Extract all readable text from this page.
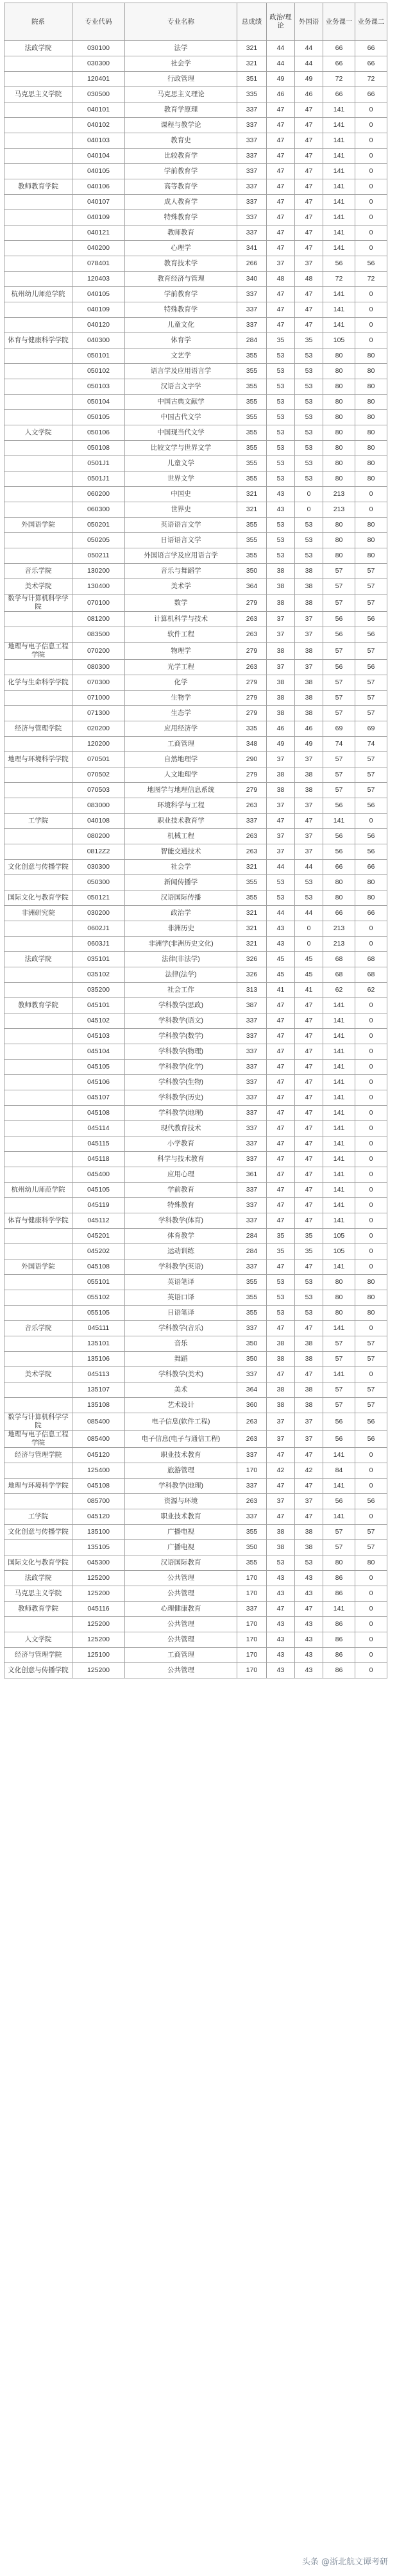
院系	专业代码	专业名称	总成绩	政治/理论	外国语	业务课一	业务课二
法政学院	030100	法学	321	44	44	66	66
	030300	社会学	321	44	44	66	66
	120401	行政管理	351	49	49	72	72
马克思主义学院	030500	马克思主义理论	335	46	46	66	66
	040101	教育学原理	337	47	47	141	0
	040102	课程与教学论	337	47	47	141	0
	040103	教育史	337	47	47	141	0
	040104	比较教育学	337	47	47	141	0
	040105	学前教育学	337	47	47	141	0
教师教育学院	040106	高等教育学	337	47	47	141	0
	040107	成人教育学	337	47	47	141	0
	040109	特殊教育学	337	47	47	141	0
	040121	教师教育	337	47	47	141	0
	040200	心理学	341	47	47	141	0
	078401	教育技术学	266	37	37	56	56
	120403	教育经济与管理	340	48	48	72	72
杭州幼儿师范学院	040105	学前教育学	337	47	47	141	0
	040109	特殊教育学	337	47	47	141	0
	040120	儿童文化	337	47	47	141	0
体育与健康科学学院	040300	体育学	284	35	35	105	0
	050101	文艺学	355	53	53	80	80
	050102	语言学及应用语言学	355	53	53	80	80
	050103	汉语言文字学	355	53	53	80	80
	050104	中国古典文献学	355	53	53	80	80
	050105	中国古代文学	355	53	53	80	80
人文学院	050106	中国现当代文学	355	53	53	80	80
	050108	比较文学与世界文学	355	53	53	80	80
	0501J1	儿童文学	355	53	53	80	80
	0501J1	世界文学	355	53	53	80	80
	060200	中国史	321	43	0	213	0
	060300	世界史	321	43	0	213	0
外国语学院	050201	英语语言文学	355	53	53	80	80
	050205	日语语言文学	355	53	53	80	80
	050211	外国语言学及应用语言学	355	53	53	80	80
音乐学院	130200	音乐与舞蹈学	350	38	38	57	57
美术学院	130400	美术学	364	38	38	57	57
数学与计算机科学学院	070100	数学	279	38	38	57	57
	081200	计算机科学与技术	263	37	37	56	56
	083500	软件工程	263	37	37	56	56
地理与电子信息工程学院	070200	物理学	279	38	38	57	57
	080300	光学工程	263	37	37	56	56
化学与生命科学学院	070300	化学	279	38	38	57	57
	071000	生物学	279	38	38	57	57
	071300	生态学	279	38	38	57	57
经济与管理学院	020200	应用经济学	335	46	46	69	69
	120200	工商管理	348	49	49	74	74
地理与环境科学学院	070501	自然地理学	290	37	37	57	57
	070502	人文地理学	279	38	38	57	57
	070503	地图学与地理信息系统	279	38	38	57	57
	083000	环境科学与工程	263	37	37	56	56
工学院	040108	职业技术教育学	337	47	47	141	0
	080200	机械工程	263	37	37	56	56
	0812Z2	智能交通技术	263	37	37	56	56
文化创意与传播学院	030300	社会学	321	44	44	66	66
	050300	新闻传播学	355	53	53	80	80
国际文化与教育学院	050121	汉语国际传播	355	53	53	80	80
非洲研究院	030200	政治学	321	44	44	66	66
	0602J1	非洲历史	321	43	0	213	0
	0603J1	非洲学(非洲历史文化)	321	43	0	213	0
法政学院	035101	法律(非法学)	326	45	45	68	68
	035102	法律(法学)	326	45	45	68	68
	035200	社会工作	313	41	41	62	62
教师教育学院	045101	学科教学(思政)	387	47	47	141	0
	045102	学科教学(语文)	337	47	47	141	0
	045103	学科教学(数学)	337	47	47	141	0
	045104	学科教学(物理)	337	47	47	141	0
	045105	学科教学(化学)	337	47	47	141	0
	045106	学科教学(生物)	337	47	47	141	0
	045107	学科教学(历史)	337	47	47	141	0
	045108	学科教学(地理)	337	47	47	141	0
	045114	现代教育技术	337	47	47	141	0
	045115	小学教育	337	47	47	141	0
	045118	科学与技术教育	337	47	47	141	0
	045400	应用心理	361	47	47	141	0
杭州幼儿师范学院	045105	学前教育	337	47	47	141	0
	045119	特殊教育	337	47	47	141	0
体育与健康科学学院	045112	学科教学(体育)	337	47	47	141	0
	045201	体育教学	284	35	35	105	0
	045202	运动训练	284	35	35	105	0
外国语学院	045108	学科教学(英语)	337	47	47	141	0
	055101	英语笔译	355	53	53	80	80
	055102	英语口译	355	53	53	80	80
	055105	日语笔译	355	53	53	80	80
音乐学院	045111	学科教学(音乐)	337	47	47	141	0
	135101	音乐	350	38	38	57	57
	135106	舞蹈	350	38	38	57	57
美术学院	045113	学科教学(美术)	337	47	47	141	0
	135107	美术	364	38	38	57	57
	135108	艺术设计	360	38	38	57	57
数学与计算机科学学院	085400	电子信息(软件工程)	263	37	37	56	56
地理与电子信息工程学院	085400	电子信息(电子与通信工程)	263	37	37	56	56
经济与管理学院	045120	职业技术教育	337	47	47	141	0
	125400	旅游管理	170	42	42	84	0
地理与环境科学学院	045108	学科教学(地理)	337	47	47	141	0
	085700	资源与环境	263	37	37	56	56
工学院	045120	职业技术教育	337	47	47	141	0
文化创意与传播学院	135100	广播电视	355	38	38	57	57
	135105	广播电视	350	38	38	57	57
国际文化与教育学院	045300	汉语国际教育	355	53	53	80	80
法政学院	125200	公共管理	170	43	43	86	0
马克思主义学院	125200	公共管理	170	43	43	86	0
教师教育学院	045116	心理健康教育	337	47	47	141	0
	125200	公共管理	170	43	43	86	0
人文学院	125200	公共管理	170	43	43	86	0
经济与管理学院	125100	工商管理	170	43	43	86	0
文化创意与传播学院	125200	公共管理	170	43	43	86	0
头条 @浙北航文谭考研
